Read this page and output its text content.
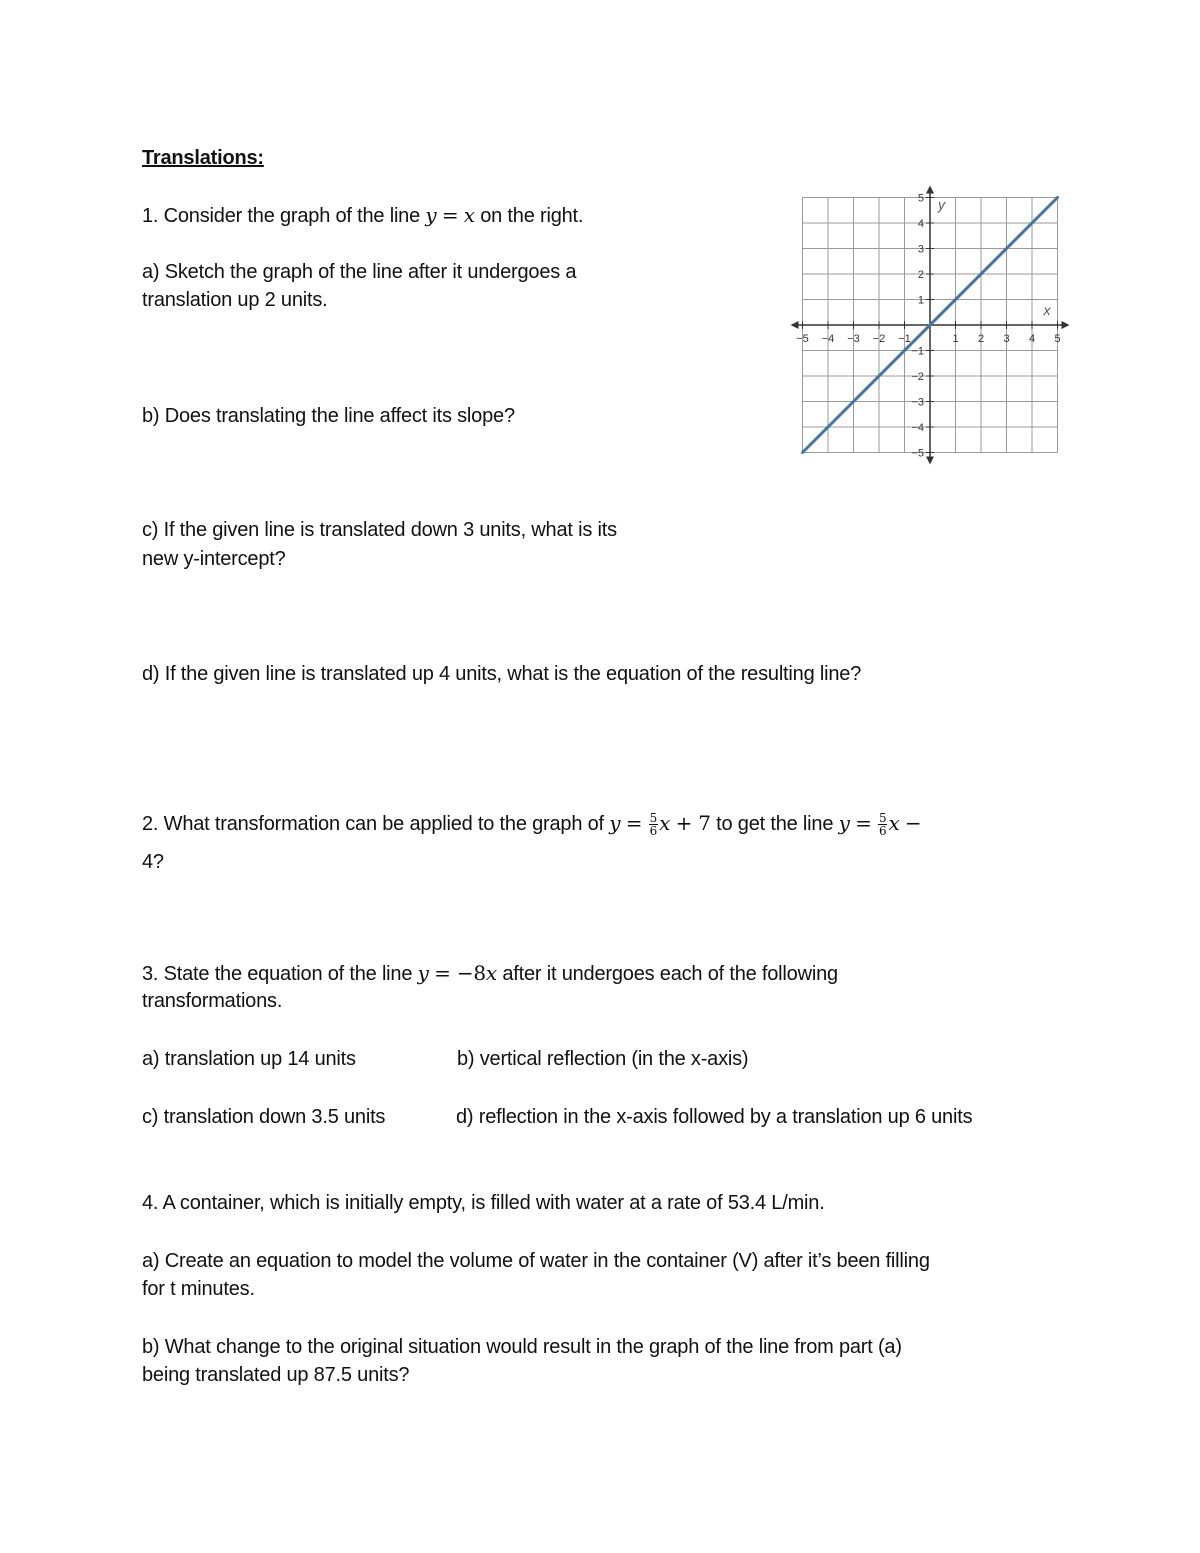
Translations:
1. Consider the graph of the line y = x on the right.
a) Sketch the graph of the line after it undergoes a
translation up 2 units.
b) Does translating the line affect its slope?
c) If the given line is translated down 3 units, what is its
new y-intercept?
d) If the given line is translated up 4 units, what is the equation of the resulting line?
−5 −4 −3 −2 −1	1 2 3 4 5
5
4
3
2
1
−1
−2
−3
−4
−5
x
y
2. What transformation can be applied to the graph of $y = \frac{5}{6}$ x + 7 to get the line $y = \frac{5}{6}$ x −
4?
3. State the equation of the line y = −8x after it undergoes each of the following
transformations.
a) translation up 14 units	b) vertical reflection (in the x-axis)
c) translation down 3.5 units	d) reflection in the x-axis followed by a translation up 6 units
4. A container, which is initially empty, is filled with water at a rate of 53.4 L/min.
a) Create an equation to model the volume of water in the container (V) after it’s been filling
for t minutes.
b) What change to the original situation would result in the graph of the line from part (a)
being translated up 87.5 units?
